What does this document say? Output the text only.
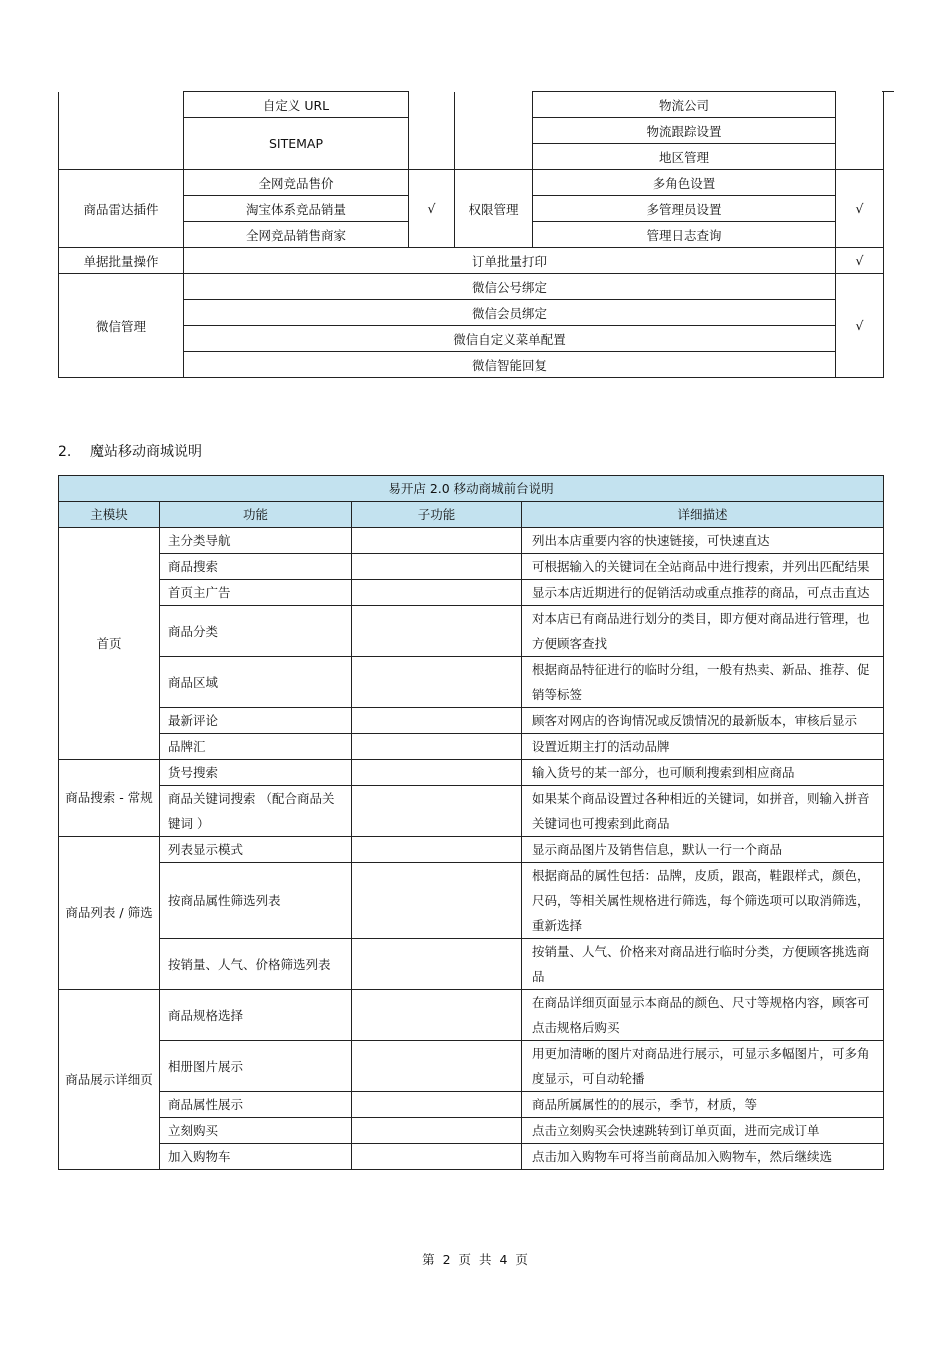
	自定义 URL			物流公司	
	SITEMAP			物流跟踪设置	
				地区管理	
商品雷达插件	全网竞品售价	√	权限管理	多角色设置	√
	淘宝体系竞品销量			多管理员设置	
	全网竞品销售商家			管理日志查询	
单据批量操作	订单批量打印				√
微信管理	微信公号绑定				√
	微信会员绑定				
	微信自定义菜单配置				
	微信智能回复				
2. 魔站移动商城说明
易开店 2.0 移动商城前台说明			
主模块	功能	子功能	详细描述
首页	主分类导航		列出本店重要内容的快速链接，可快速直达
	商品搜索		可根据输入的关键词在全站商品中进行搜索，并列出匹配结果
	首页主广告		显示本店近期进行的促销活动或重点推荐的商品，可点击直达
	商品分类		对本店已有商品进行划分的类目，即方便对商品进行管理，也方便顾客查找
	商品区域		根据商品特征进行的临时分组，一般有热卖、新品、推荐、促销等标签
	最新评论		顾客对网店的咨询情况或反馈情况的最新版本，审核后显示
	品牌汇		设置近期主打的活动品牌
商品搜索 - 常规	货号搜索		输入货号的某一部分，也可顺利搜索到相应商品
	商品关键词搜索 （配合商品关键词 ）		如果某个商品设置过各种相近的关键词，如拼音，则输入拼音关键词也可搜索到此商品
商品列表 / 筛选	列表显示模式		显示商品图片及销售信息，默认一行一个商品
	按商品属性筛选列表		根据商品的属性包括：品牌，皮质，跟高，鞋跟样式，颜色，尺码，等相关属性规格进行筛选，每个筛选项可以取消筛选，重新选择
	按销量、人气、价格筛选列表		按销量、人气、价格来对商品进行临时分类，方便顾客挑选商品
商品展示详细页	商品规格选择		在商品详细页面显示本商品的颜色、尺寸等规格内容，顾客可点击规格后购买
	相册图片展示		用更加清晰的图片对商品进行展示，可显示多幅图片，可多角度显示，可自动轮播
	商品属性展示		商品所属属性的的展示，季节，材质，等
	立刻购买		点击立刻购买会快速跳转到订单页面，进而完成订单
	加入购物车		点击加入购物车可将当前商品加入购物车，然后继续选
第 2 页 共 4 页
